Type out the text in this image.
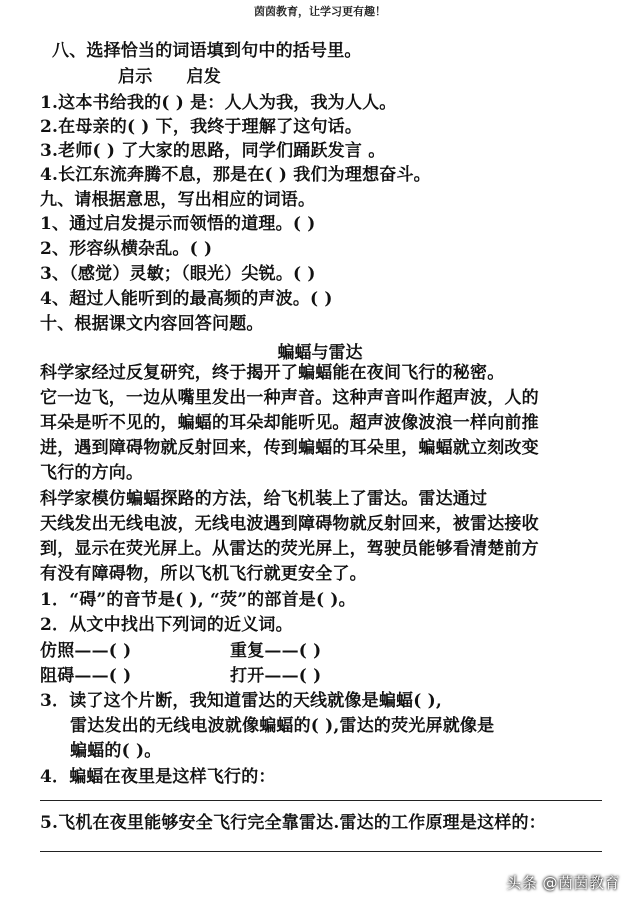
茵茵教育，让学习更有趣！
八、选择恰当的词语填到句中的括号里。
启示 启发
1.这本书给我的( ) 是：人人为我，我为人人。
2.在母亲的( ) 下，我终于理解了这句话。
3.老师( ) 了大家的思路，同学们踊跃发言 。
4.长江东流奔腾不息，那是在( ) 我们为理想奋斗。
九、请根据意思，写出相应的词语。
1、通过启发提示而领悟的道理。( )
2、形容纵横杂乱。( )
3、（感觉）灵敏；（眼光）尖锐。( )
4、超过人能听到的最高频的声波。( )
十、根据课文内容回答问题。
蝙蝠与雷达
科学家经过反复研究，终于揭开了蝙蝠能在夜间飞行的秘密。
它一边飞，一边从嘴里发出一种声音。这种声音叫作超声波，人的
耳朵是听不见的，蝙蝠的耳朵却能听见。超声波像波浪一样向前推
进，遇到障碍物就反射回来，传到蝙蝠的耳朵里，蝙蝠就立刻改变
飞行的方向。
科学家模仿蝙蝠探路的方法，给飞机装上了雷达。雷达通过
天线发出无线电波，无线电波遇到障碍物就反射回来，被雷达接收
到，显示在荧光屏上。从雷达的荧光屏上，驾驶员能够看清楚前方
有没有障碍物，所以飞机飞行就更安全了。
1．“碍”的音节是( ), “荧”的部首是( )。
2．从文中找出下列词的近义词。
仿照——( )	重复——( )
阻碍——( )	打开——( )
3．读了这个片断，我知道雷达的天线就像是蝙蝠( ),
雷达发出的无线电波就像蝙蝠的( ),雷达的荧光屏就像是
蝙蝠的( )。
4．蝙蝠在夜里是这样飞行的：
5.飞机在夜里能够安全飞行完全靠雷达.雷达的工作原理是这样的：
头条 @茵茵教育
